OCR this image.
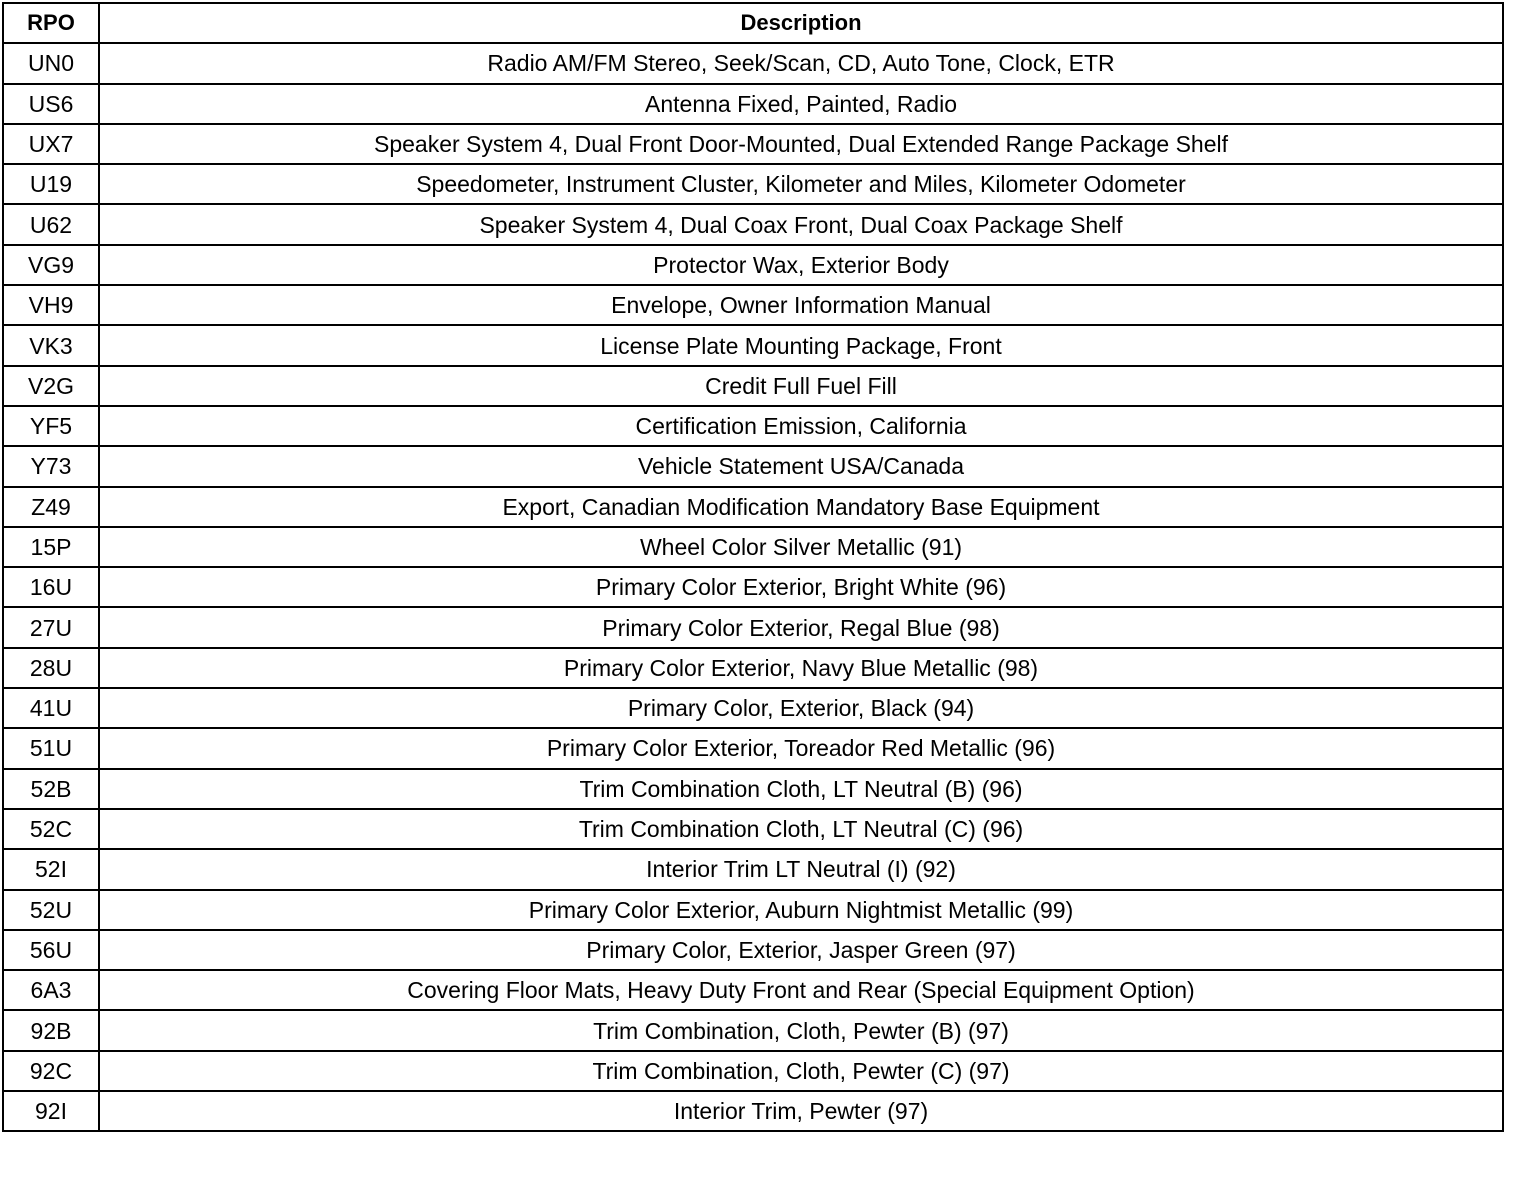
RPO	Description
UN0	Radio AM/FM Stereo, Seek/Scan, CD, Auto Tone, Clock, ETR
US6	Antenna Fixed, Painted, Radio
UX7	Speaker System 4, Dual Front Door-Mounted, Dual Extended Range Package Shelf
U19	Speedometer, Instrument Cluster, Kilometer and Miles, Kilometer Odometer
U62	Speaker System 4, Dual Coax Front, Dual Coax Package Shelf
VG9	Protector Wax, Exterior Body
VH9	Envelope, Owner Information Manual
VK3	License Plate Mounting Package, Front
V2G	Credit Full Fuel Fill
YF5	Certification Emission, California
Y73	Vehicle Statement USA/Canada
Z49	Export, Canadian Modification Mandatory Base Equipment
15P	Wheel Color Silver Metallic (91)
16U	Primary Color Exterior, Bright White (96)
27U	Primary Color Exterior, Regal Blue (98)
28U	Primary Color Exterior, Navy Blue Metallic (98)
41U	Primary Color, Exterior, Black (94)
51U	Primary Color Exterior, Toreador Red Metallic (96)
52B	Trim Combination Cloth, LT Neutral (B) (96)
52C	Trim Combination Cloth, LT Neutral (C) (96)
52I	Interior Trim LT Neutral (I) (92)
52U	Primary Color Exterior, Auburn Nightmist Metallic (99)
56U	Primary Color, Exterior, Jasper Green (97)
6A3	Covering Floor Mats, Heavy Duty Front and Rear (Special Equipment Option)
92B	Trim Combination, Cloth, Pewter (B) (97)
92C	Trim Combination, Cloth, Pewter (C) (97)
92I	Interior Trim, Pewter (97)
